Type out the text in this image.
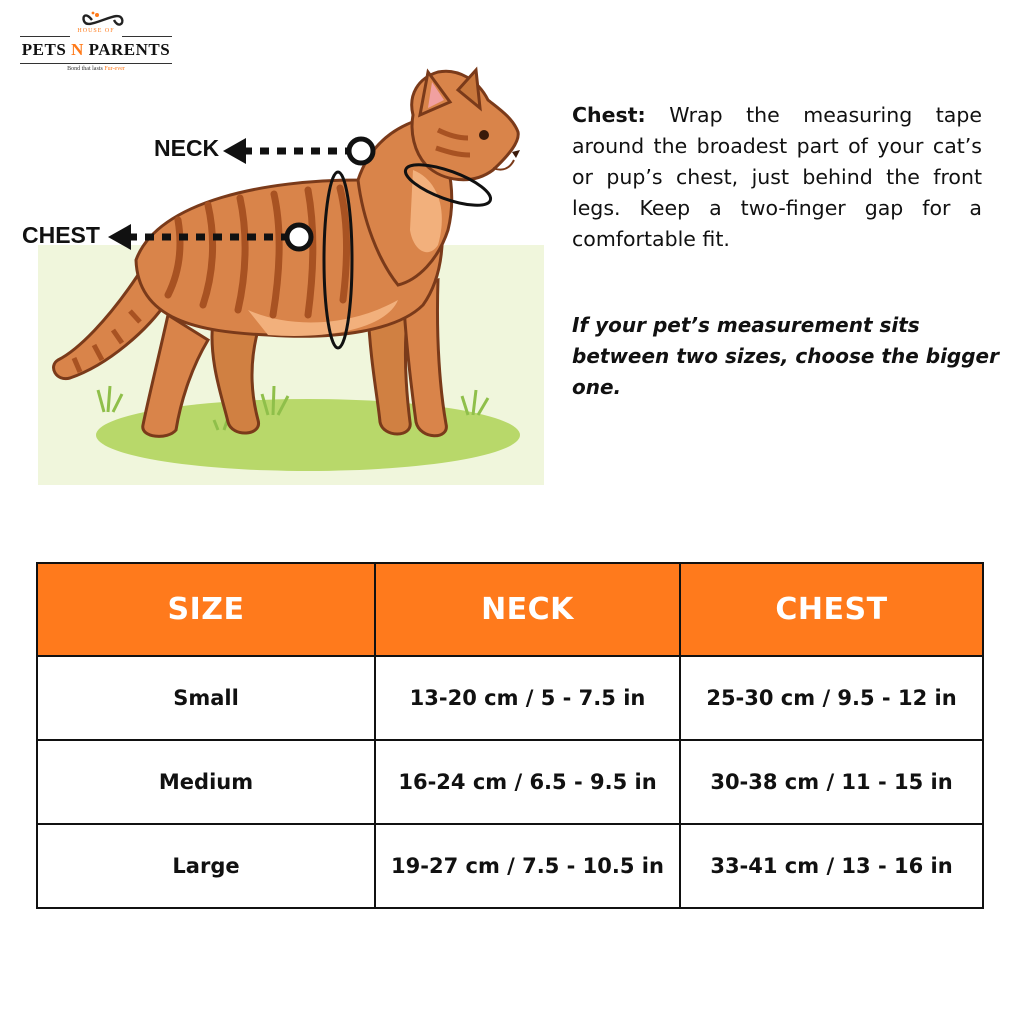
HOUSE OF
PETS N PARENTS
Bond that lasts Fur-ever
NECK
CHEST
Chest: Wrap the measuring tape around the broadest part of your cat’s or pup’s chest, just behind the front legs. Keep a two-finger gap for a comfortable fit.
If your pet’s measurement sits between two sizes, choose the bigger one.
SIZE	NECK	CHEST
Small	13-20 cm / 5 - 7.5 in	25-30 cm / 9.5 - 12 in
Medium	16-24 cm / 6.5 - 9.5 in	30-38 cm / 11 - 15 in
Large	19-27 cm / 7.5 - 10.5 in	33-41 cm / 13 - 16 in
